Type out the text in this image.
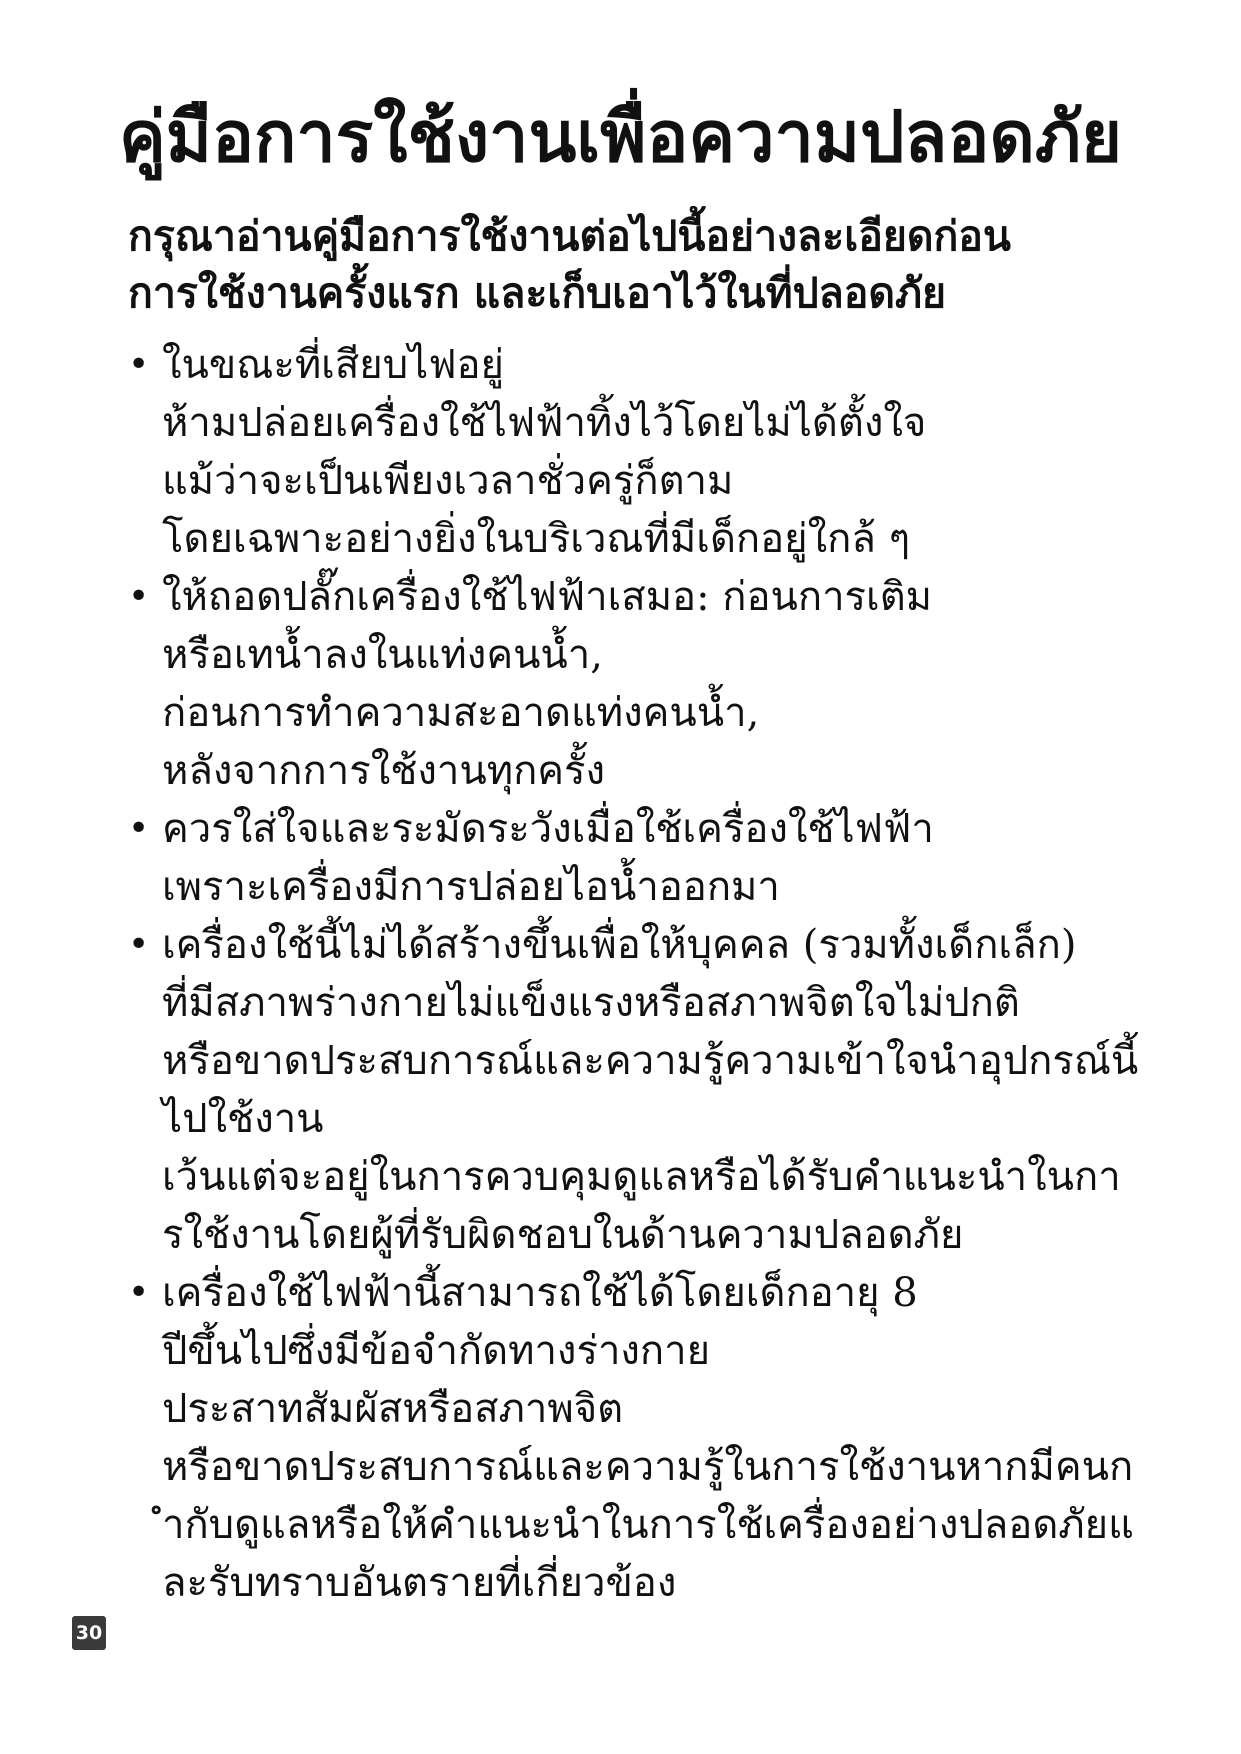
คู่มือการใช้งานเพื่อความปลอดภัย
กรุณาอ่านคู่มือการใช้งานต่อไปนี้อย่างละเอียดก่อน
การใช้งานครั้งแรก และเก็บเอาไว้ในที่ปลอดภัย
• ในขณะที่เสียบไฟอยู่
ห้ามปล่อยเครื่องใช้ไฟฟ้าทิ้งไว้โดยไม่ได้ตั้งใจ
แม้ว่าจะเป็นเพียงเวลาชั่วครู่ก็ตาม
โดยเฉพาะอย่างยิ่งในบริเวณที่มีเด็กอยู่ใกล้ ๆ
• ให้ถอดปลั๊กเครื่องใช้ไฟฟ้าเสมอ: ก่อนการเติม
หรือเทน้ำลงในแท่งคนน้ำ,
ก่อนการทำความสะอาดแท่งคนน้ำ,
หลังจากการใช้งานทุกครั้ง
• ควรใส่ใจและระมัดระวังเมื่อใช้เครื่องใช้ไฟฟ้า
เพราะเครื่องมีการปล่อยไอน้ำออกมา
• เครื่องใช้นี้ไม่ได้สร้างขึ้นเพื่อให้บุคคล (รวมทั้งเด็กเล็ก)
ที่มีสภาพร่างกายไม่แข็งแรงหรือสภาพจิตใจไม่ปกติ
หรือขาดประสบการณ์และความรู้ความเข้าใจนำอุปกรณ์นี้
ไปใช้งาน
เว้นแต่จะอยู่ในการควบคุมดูแลหรือได้รับคำแนะนำในกา
รใช้งานโดยผู้ที่รับผิดชอบในด้านความปลอดภัย
• เครื่องใช้ไฟฟ้านี้สามารถใช้ได้โดยเด็กอายุ 8
ปีขึ้นไปซึ่งมีข้อจำกัดทางร่างกาย
ประสาทสัมผัสหรือสภาพจิต
หรือขาดประสบการณ์และความรู้ในการใช้งานหากมีคนก
ำกับดูแลหรือให้คำแนะนำในการใช้เครื่องอย่างปลอดภัยแ
ละรับทราบอันตรายที่เกี่ยวข้อง
30
